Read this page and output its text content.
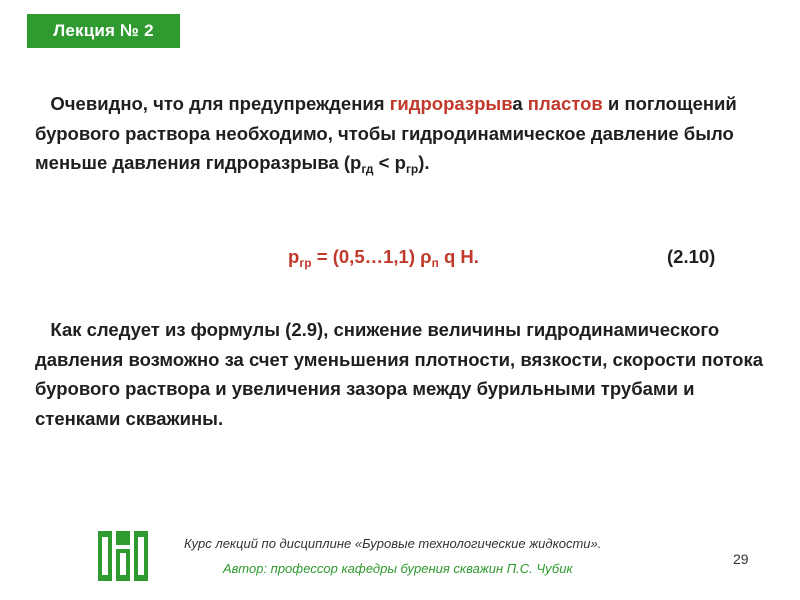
Лекция № 2
Очевидно, что для предупреждения гидроразрыва пластов и поглощений бурового раствора необходимо, чтобы гидродинамическое давление было меньше давления гидроразрыва $(р_{гд} < р_{гр})$.
$р_{гр}$ = (0,5…1,1) $\rho_п$ q H.	(2.10)
Как следует из формулы (2.9), снижение величины гидродинамического давления возможно за счет уменьшения плотности, вязкости, скорости потока бурового раствора и увеличения зазора между бурильными трубами и стенками скважины.
Курс лекций по дисциплине «Буровые технологические жидкости».
Автор: профессор кафедры бурения скважин П.С. Чубик
29
